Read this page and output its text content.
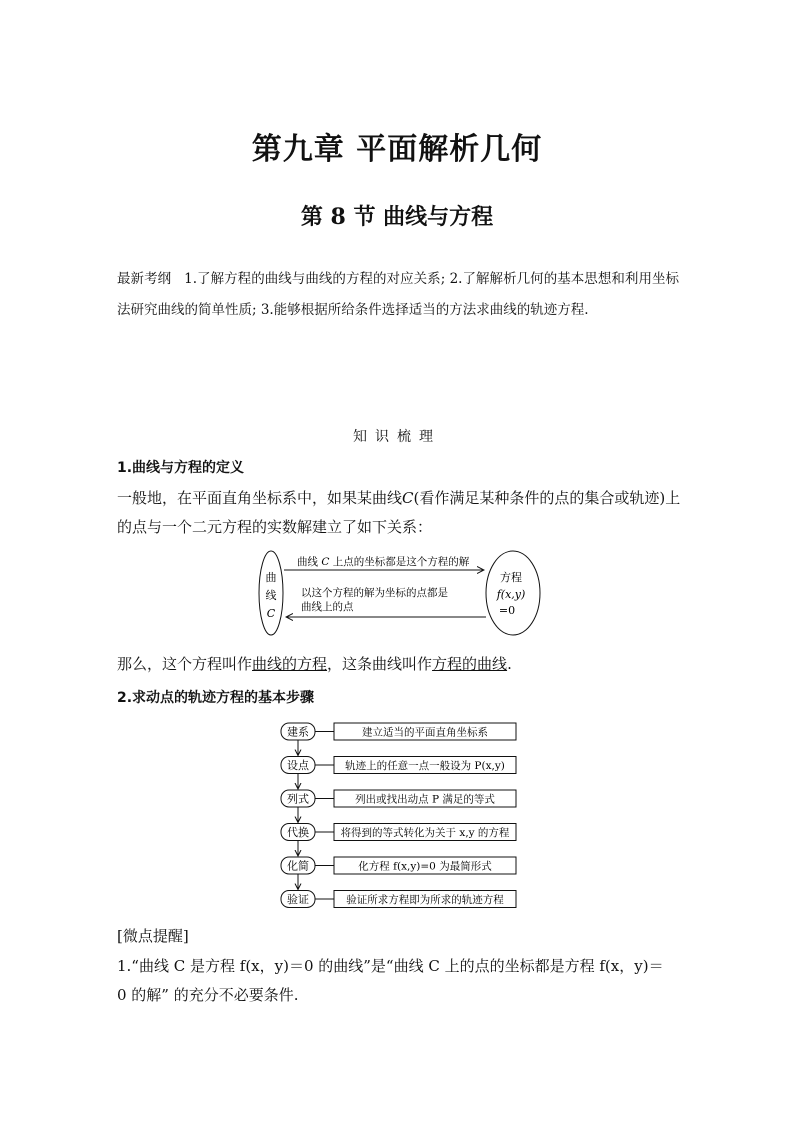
第九章 平面解析几何
第 8 节 曲线与方程
最新考纲 1.了解方程的曲线与曲线的方程的对应关系; 2.了解解析几何的基本思想和利用坐标法研究曲线的简单性质; 3.能够根据所给条件选择适当的方法求曲线的轨迹方程.
知识梳理
1.曲线与方程的定义
一般地，在平面直角坐标系中，如果某曲线C(看作满足某种条件的点的集合或轨迹)上的点与一个二元方程的实数解建立了如下关系：
曲
线
C
方程
f(x,y)
=0
曲线 C 上点的坐标都是这个方程的解
以这个方程的解为坐标的点都是
曲线上的点
那么，这个方程叫作曲线的方程，这条曲线叫作方程的曲线.
2.求动点的轨迹方程的基本步骤
建系	建立适当的平面直角坐标系
设点	轨迹上的任意一点一般设为 P(x,y)
列式	列出或找出动点 P 满足的等式
代换	将得到的等式转化为关于 x,y 的方程
化简	化方程 f(x,y)=0 为最简形式
验证	验证所求方程即为所求的轨迹方程
[微点提醒]
1.“曲线 C 是方程 f(x，y)＝0 的曲线”是“曲线 C 上的点的坐标都是方程 f(x，y)＝
0 的解” 的充分不必要条件.
